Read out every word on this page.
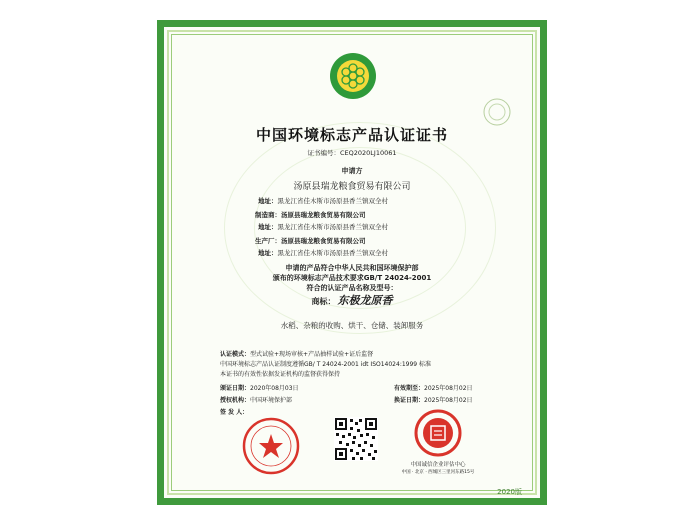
中国环境标志产品认证证书
证书编号：CEQ2020LJ10061
申请方
汤原县瑞龙粮食贸易有限公司
地址：黑龙江省佳木斯市汤原县香兰镇双全村
制造商：汤原县瑞龙粮食贸易有限公司
地址：黑龙江省佳木斯市汤原县香兰镇双全村
生产厂：汤原县瑞龙粮食贸易有限公司
地址：黑龙江省佳木斯市汤原县香兰镇双全村
申请的产品符合中华人民共和国环境保护部
颁布的环境标志产品技术要求GB/T 24024-2001
符合的认证产品名称及型号：
商标： 东极龙原香
水稻、杂粮的收购、烘干、仓储、装卸服务
认证模式：型式试验+现场审核+产品抽样试验+证后监督
中国环境标志产品认证制度遵循GB/ T 24024-2001 idt ISO14024:1999 标准
本证书的有效性依据发证机构的监督获得保持
颁证日期：2020年08月03日	有效期至：2025年08月02日
授权机构：中国环境保护部	换证日期：2025年08月02日
签 发 人：
中国诚信企业评估中心
中国 · 北京 · 西城区三里河东路15号
2020版
